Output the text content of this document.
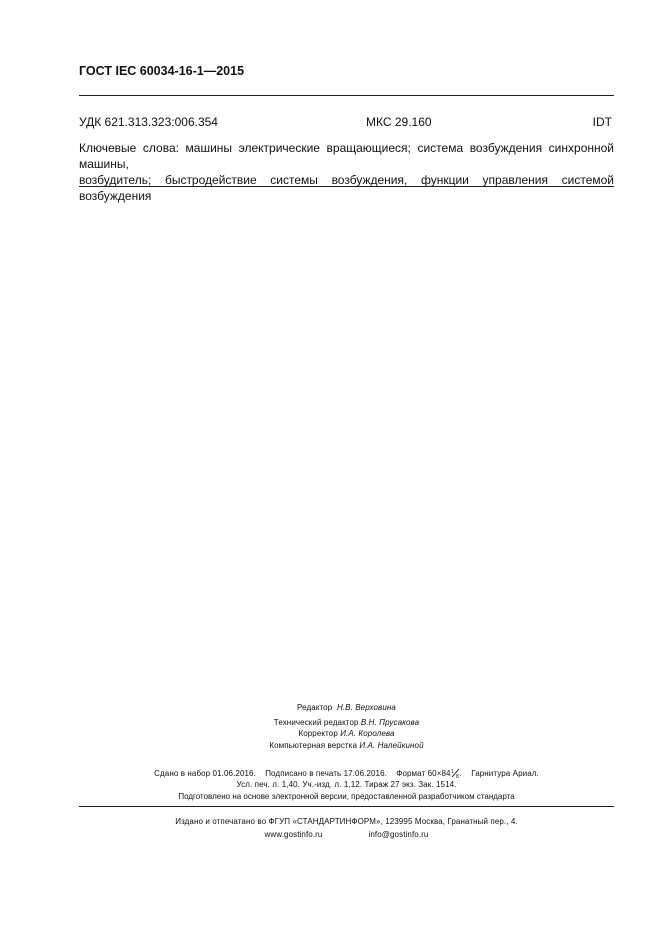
ГОСТ IEC 60034-16-1—2015
УДК 621.313.323:006.354	МКС 29.160	IDT
Ключевые слова: машины электрические вращающиеся; система возбуждения синхронной машины,
возбудитель; быстродействие системы возбуждения, функции управления системой возбуждения
Редактор Н.В. Верховина
Технический редактор В.Н. Прусакова
Корректор И.А. Королева
Компьютерная верстка И.А. Налейкиной
Сдано в набор 01.06.2016.    Подписано в печать 17.06.2016.    Формат 60×84 1
8 .    Гарнитура Ариал.
Усл. печ. л. 1,40. Уч.-изд. л. 1,12. Тираж 27 экз. Зак. 1514.
Подготовлено на основе электронной версии, предоставленной разработчиком стандарта
Издано и отпечатано во ФГУП «СТАНДАРТИНФОРМ», 123995 Москва, Гранатный пер., 4.
www.gostinfo.ru	info@gostinfo.ru
